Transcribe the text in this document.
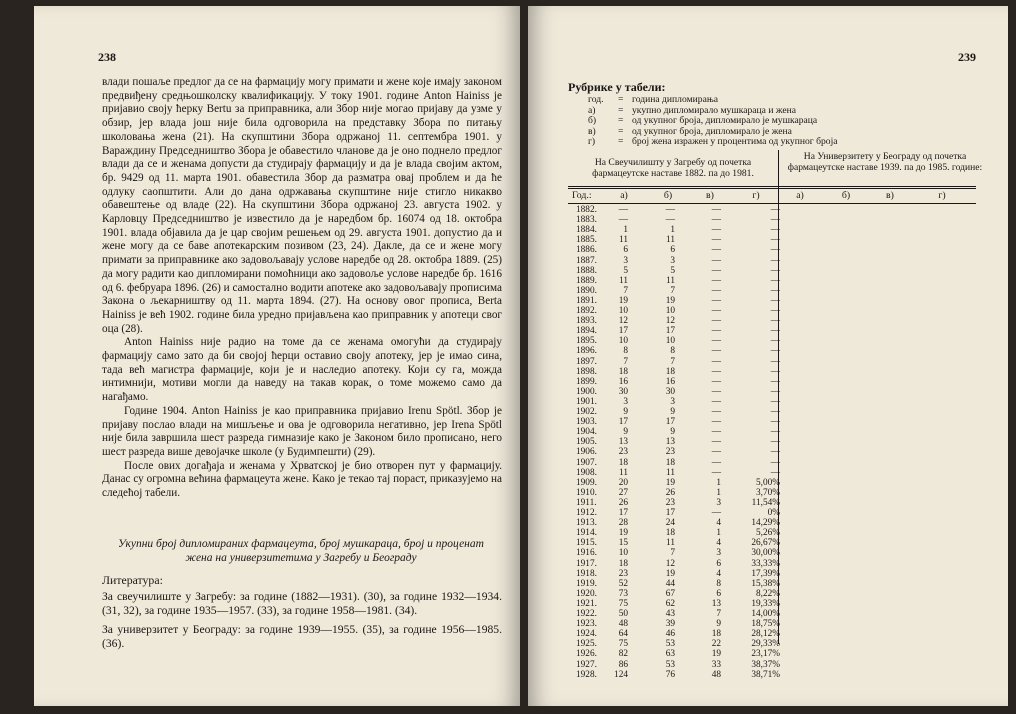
238

влади пошаље предлог да се на фармацију могу примати и жене које имају законом предвиђену средњошколску квалификацију. У току 1901. године Anton Hainiss је пријавио своју ћерку Bertu за приправника, али Збор није могао пријаву да узме у обзир, јер влада још није била одговорила на представку Збора по питању школовања жена (21). На скупштини Збора одржаној 11. септембра 1901. у Вараждину Председништво Збора је обавестило чланове да је оно поднело предлог влади да се и женама допусти да студирају фармацију и да је влада својим актом, бр. 9429 од 11. марта 1901. обавестила Збор да разматра овај проблем и да ће одлуку саопштити. Али до дана одржавања скупштине није стигло никакво обавештење од владе (22). На скупштини Збора одржаној 23. августа 1902. у Карловцу Председништво је известило да је наредбом бр. 16074 од 18. октобра 1901. влада објавила да је цар својим решењем од 29. августа 1901. допустио да и жене могу да се баве апотекарским позивом (23, 24). Дакле, да се и жене могу примати за приправнике ако задовољавају услове наредбе од 28. октобра 1889. (25) да могу радити као дипломирани помоћници ако задовоље услове наредбе бр. 1616 од 6. фебруара 1896. (26) и самостално водити апотеке ако задовољавају прописима Закона о љекарништву од 11. марта 1894. (27). На основу овог прописа, Berta Hainiss је већ 1902. године била уредно пријављена као приправник у апотеци свог оца (28).

Anton Hainiss није радио на томе да се женама омогући да студирају фармацију само зато да би својој ћерци оставио своју апотеку, јер је имао сина, тада већ магистра фармације, који је и наследио апотеку. Који су га, можда интимнији, мотиви могли да наведу на такав корак, о томе можемо само да нагађамо.

Године 1904. Anton Hainiss је као приправника пријавио Irenu Spötl. Збор је пријаву послао влади на мишљење и ова је одговорила негативно, јер Irena Spötl није била завршила шест разреда гимназије како је Законом било прописано, него шест разреда више девојачке школе (у Будимпешти) (29).

После ових догађаја и женама у Хрватској је био отворен пут у фармацију. Данас су огромна већина фармацеута жене. Како је текао тај пораст, приказујемо на следећој табели.

Укупни број дипломираних фармацеута, број мушкараца, број и проценат жена на универзитетима у Загребу и Београду
Литература:
За свеучилиште у Загребу: за године (1882—1931). (30), за године 1932—1934. (31, 32), за године 1935—1957. (33), за године 1958—1981. (34).
За универзитет у Београду: за године 1939—1955. (35), за године 1956—1985. (36).
239
Рубрике у табели:
год.	= година дипломирања
а)	= укупно дипломирало мушкараца и жена
б)	= од укупног броја, дипломирало је мушкараца
в)	= од укупног броја, дипломирало је жена
г)	= број жена изражен у процентима од укупног броја
На Свеучилишту у Загребу од почетка фармацеутске наставе 1882. па до 1981.
На Универзитету у Београду од почетка фармацеутске наставе 1939. па до 1985. године:
Год.:	а)	б)	в)	г)	а)	б)	в)	г)
1882.	—	—	—	—
1883.	—	—	—	—
1884.	1	1	—	—
1885.	11	11	—	—
1886.	6	6	—	—
1887.	3	3	—	—
1888.	5	5	—	—
1889.	11	11	—	—
1890.	7	7	—	—
1891.	19	19	—	—
1892.	10	10	—	—
1893.	12	12	—	—
1894.	17	17	—	—
1895.	10	10	—	—
1896.	8	8	—	—
1897.	7	7	—	—
1898.	18	18	—	—
1899.	16	16	—	—
1900.	30	30	—	—
1901.	3	3	—	—
1902.	9	9	—	—
1903.	17	17	—	—
1904.	9	9	—	—
1905.	13	13	—	—
1906.	23	23	—	—
1907.	18	18	—	—
1908.	11	11	—	—
1909.	20	19	1	5,00%
1910.	27	26	1	3,70%
1911.	26	23	3	11,54%
1912.	17	17	—	0%
1913.	28	24	4	14,29%
1914.	19	18	1	5,26%
1915.	15	11	4	26,67%
1916.	10	7	3	30,00%
1917.	18	12	6	33,33%
1918.	23	19	4	17,39%
1919.	52	44	8	15,38%
1920.	73	67	6	8,22%
1921.	75	62	13	19,33%
1922.	50	43	7	14,00%
1923.	48	39	9	18,75%
1924.	64	46	18	28,12%
1925.	75	53	22	29,33%
1926.	82	63	19	23,17%
1927.	86	53	33	38,37%
1928.	124	76	48	38,71%
